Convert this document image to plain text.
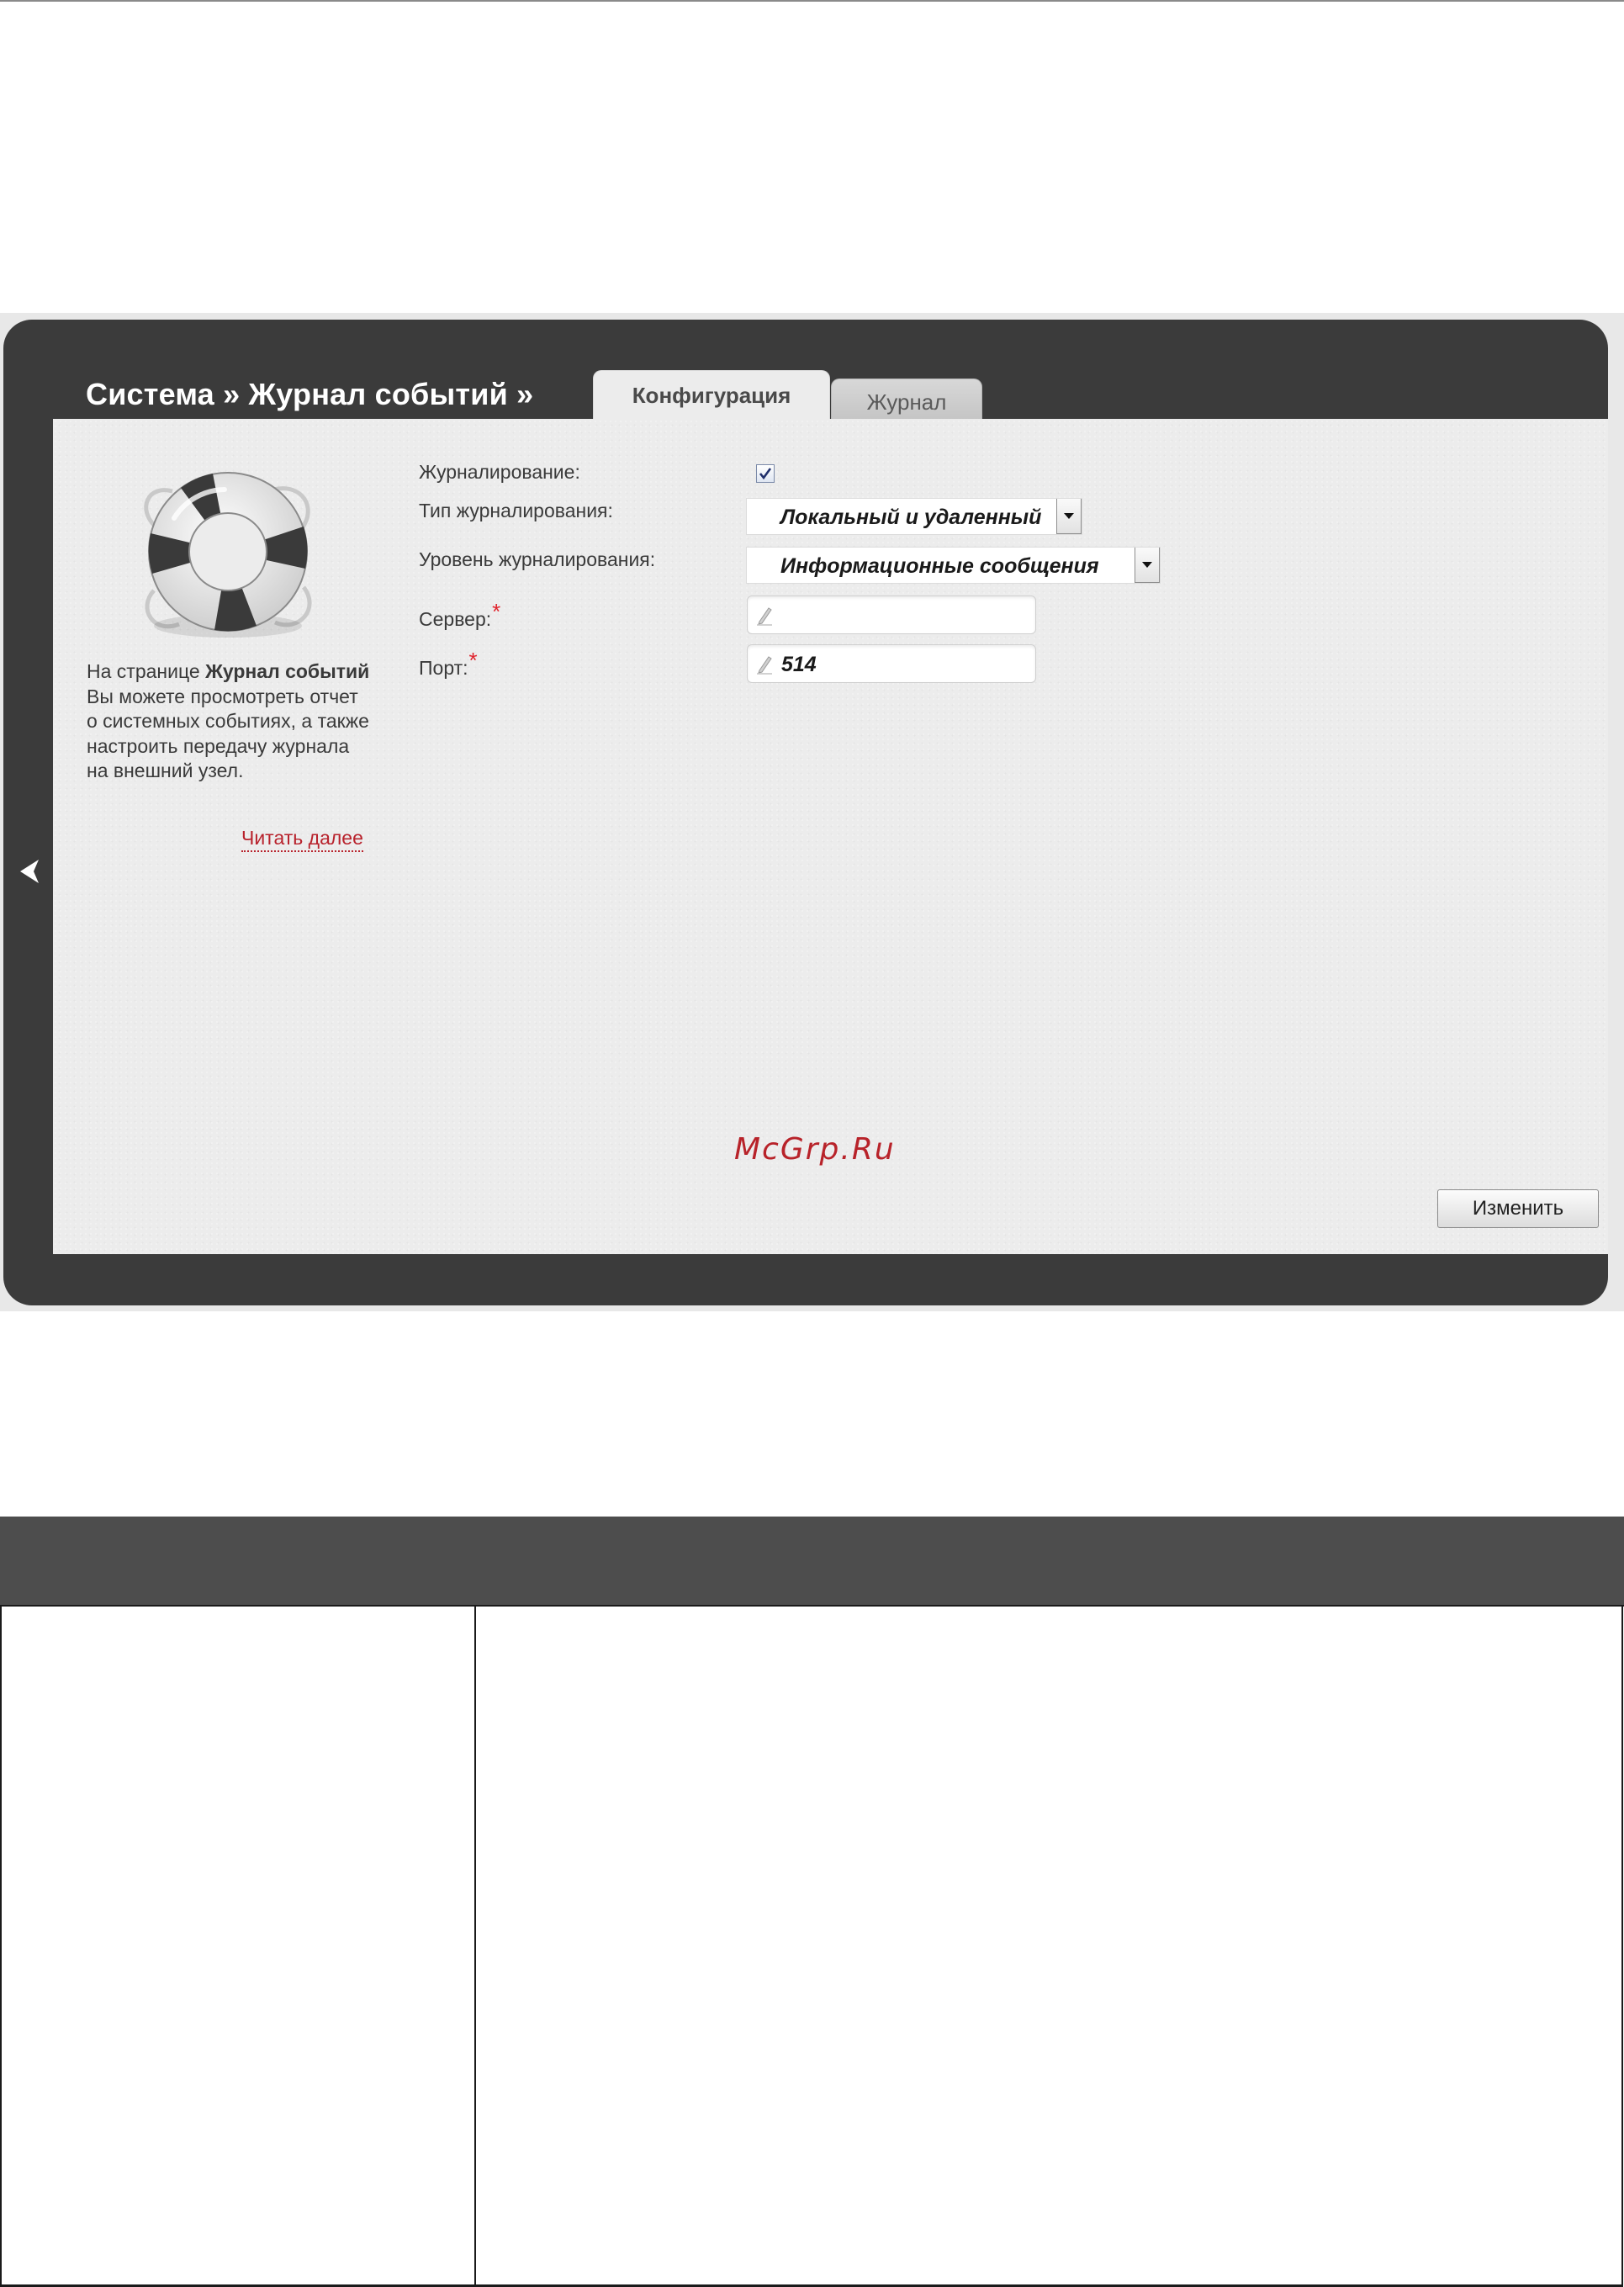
Система » Журнал событий »	Конфигурация	Журнал

На странице Журнал событий Вы можете просмотреть отчет о системных событиях, а также настроить передачу журнала на внешний узел.

Читать далее
Журналирование:
Тип журналирования:	Локальный и удаленный
Уровень журналирования:	Информационные сообщения
Сервер:*
Порт:*	514
McGrp.Ru
Изменить
